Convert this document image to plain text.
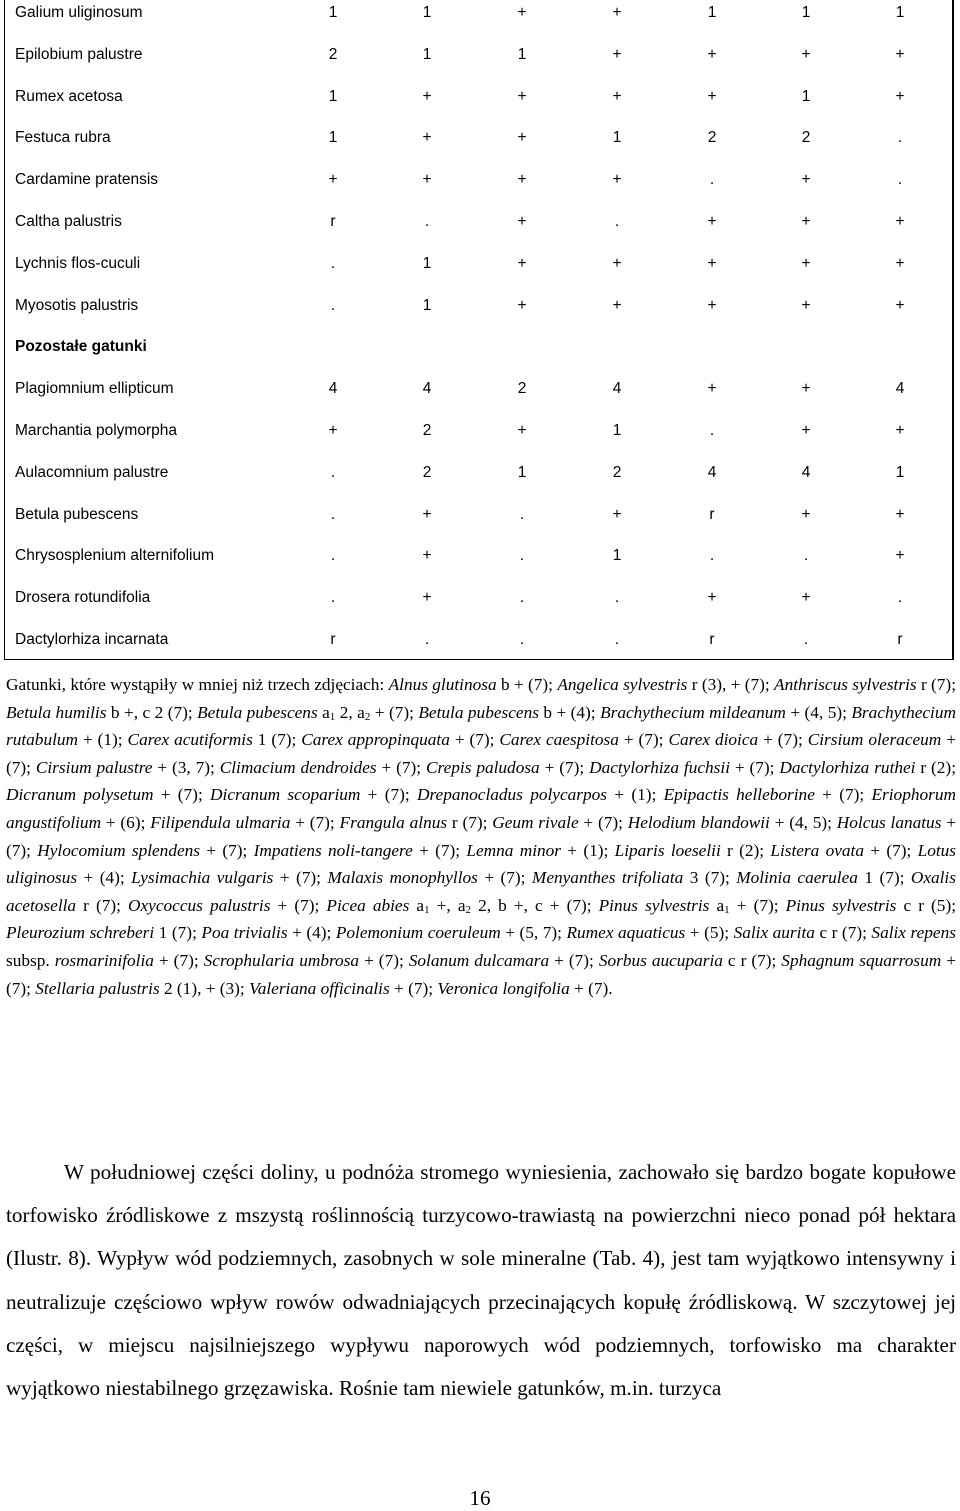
Galium uliginosum	1	1	+	+	1	1	1
Epilobium palustre	2	1	1	+	+	+	+
Rumex acetosa	1	+	+	+	+	1	+
Festuca rubra	1	+	+	1	2	2	.
Cardamine pratensis	+	+	+	+	.	+	.
Caltha palustris	r	.	+	.	+	+	+
Lychnis flos-cuculi	.	1	+	+	+	+	+
Myosotis palustris	.	1	+	+	+	+	+
Pozostałe gatunki
Plagiomnium ellipticum	4	4	2	4	+	+	4
Marchantia polymorpha	+	2	+	1	.	+	+
Aulacomnium palustre	.	2	1	2	4	4	1
Betula pubescens	.	+	.	+	r	+	+
Chrysosplenium alternifolium	.	+	.	1	.	.	+
Drosera rotundifolia	.	+	.	.	+	+	.
Dactylorhiza incarnata	r	.	.	.	r	.	r

Gatunki, które wystąpiły w mniej niż trzech zdjęciach: Alnus glutinosa b + (7); Angelica sylvestris r (3), + (7); Anthriscus sylvestris r (7); Betula humilis b +, c 2 (7); Betula pubescens $a_1$ 2, $a_2 + (7)$; Betula pubescens b + (4); Brachythecium mildeanum + (4, 5); Brachythecium rutabulum + (1); Carex acutiformis 1 (7); Carex appropinquata + (7); Carex caespitosa + (7); Carex dioica + (7); Cirsium oleraceum + (7); Cirsium palustre + (3, 7); Climacium dendroides + (7); Crepis paludosa + (7); Dactylorhiza fuchsii + (7); Dactylorhiza ruthei r (2); Dicranum polysetum + (7); Dicranum scoparium + (7); Drepanocladus polycarpos + (1); Epipactis helleborine + (7); Eriophorum angustifolium + (6); Filipendula ulmaria + (7); Frangula alnus r (7); Geum rivale + (7); Helodium blandowii + (4, 5); Holcus lanatus + (7); Hylocomium splendens + (7); Impatiens noli-tangere + (7); Lemna minor + (1); Liparis loeselii r (2); Listera ovata + (7); Lotus uliginosus + (4); Lysimachia vulgaris + (7); Malaxis monophyllos + (7); Menyanthes trifoliata 3 (7); Molinia caerulea 1 (7); Oxalis acetosella r (7); Oxycoccus palustris + (7); Picea abies $a_1$ +, $a_2$ 2, b +, c + (7); Pinus sylvestris $a_1 + (7)$; Pinus sylvestris c r (5); Pleurozium schreberi 1 (7); Poa trivialis + (4); Polemonium coeruleum + (5, 7); Rumex aquaticus + (5); Salix aurita c r (7); Salix repens subsp. rosmarinifolia + (7); Scrophularia umbrosa + (7); Solanum dulcamara + (7); Sorbus aucuparia c r (7); Sphagnum squarrosum + (7); Stellaria palustris 2 (1), + (3); Valeriana officinalis + (7); Veronica longifolia + (7).

W południowej części doliny, u podnóża stromego wyniesienia, zachowało się bardzo bogate kopułowe torfowisko źródliskowe z mszystą roślinnością turzycowo-trawiastą na powierzchni nieco ponad pół hektara (Ilustr. 8). Wypływ wód podziemnych, zasobnych w sole mineralne (Tab. 4), jest tam wyjątkowo intensywny i neutralizuje częściowo wpływ rowów odwadniających przecinających kopułę źródliskową. W szczytowej jej części, w miejscu najsilniejszego wypływu naporowych wód podziemnych, torfowisko ma charakter wyjątkowo niestabilnego grzęzawiska. Rośnie tam niewiele gatunków, m.in. turzyca

16
